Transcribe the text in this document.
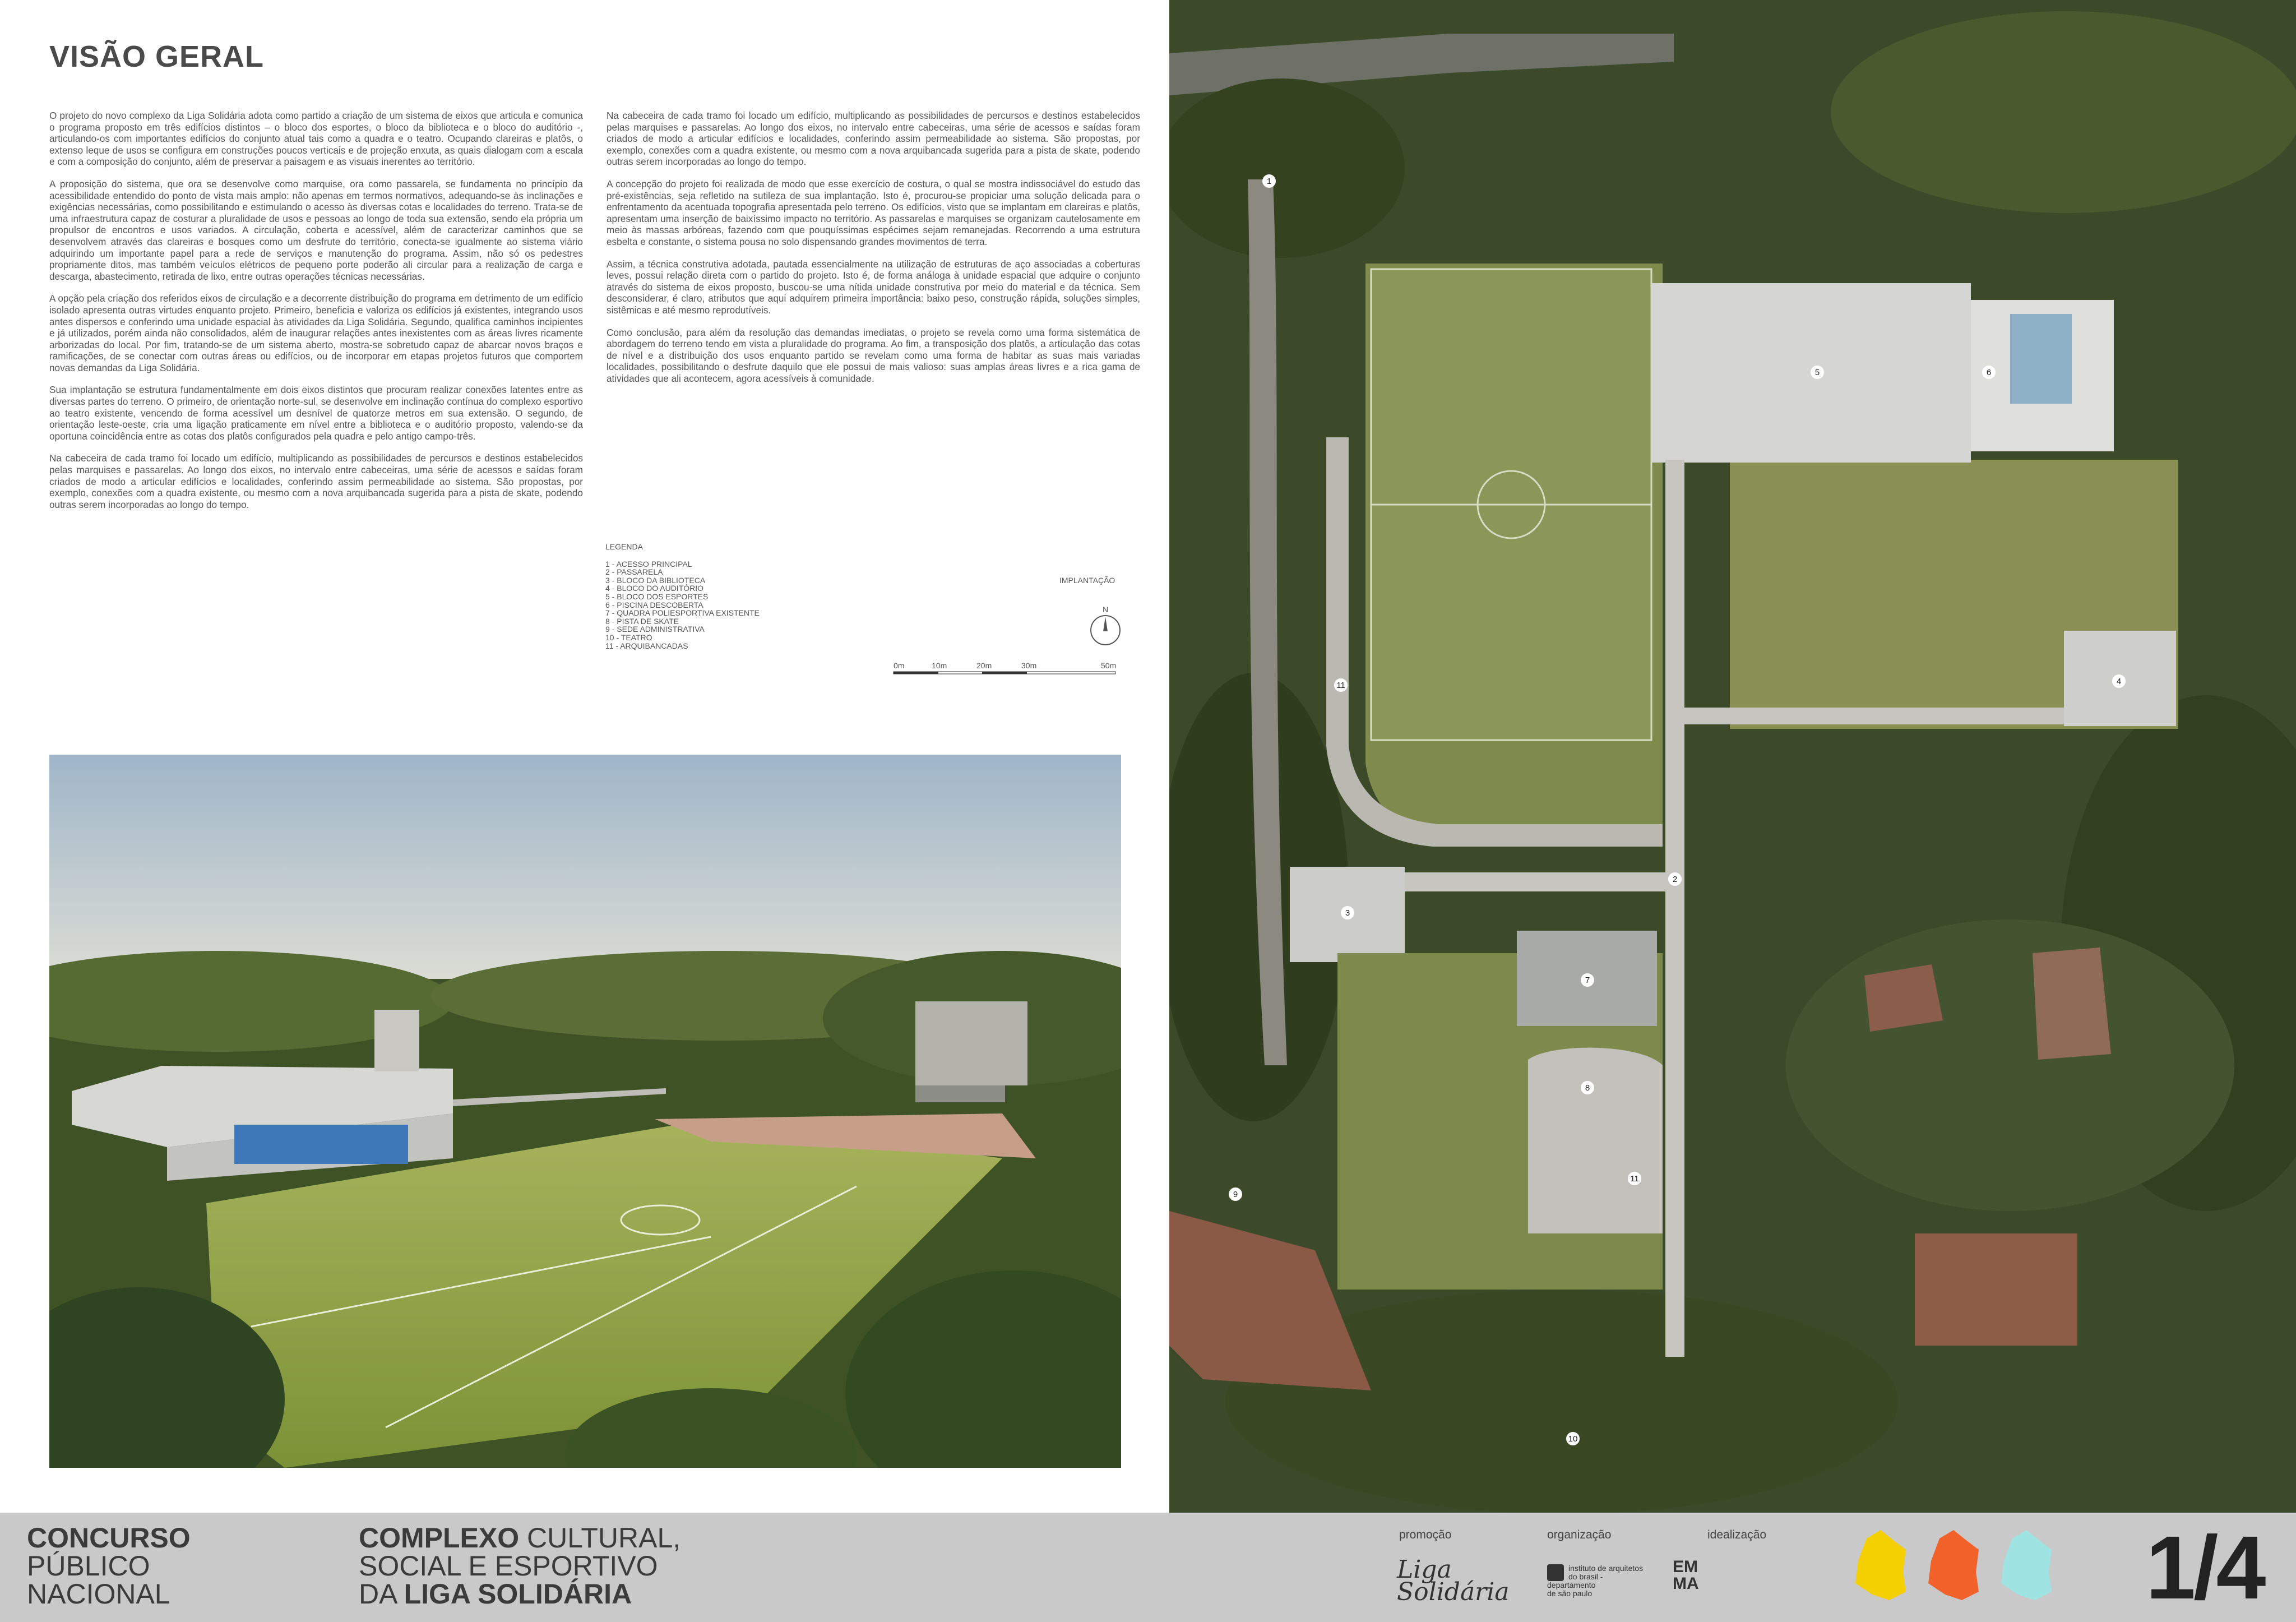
VISÃO GERAL

O projeto do novo complexo da Liga Solidária adota como partido a criação de um sistema de eixos que articula e comunica o programa proposto em três edifícios distintos – o bloco dos esportes, o bloco da biblioteca e o bloco do auditório -, articulando-os com importantes edifícios do conjunto atual tais como a quadra e o teatro. Ocupando clareiras e platôs, o extenso leque de usos se configura em construções poucos verticais e de projeção enxuta, as quais dialogam com a escala e com a composição do conjunto, além de preservar a paisagem e as visuais inerentes ao território.

A proposição do sistema, que ora se desenvolve como marquise, ora como passarela, se fundamenta no princípio da acessibilidade entendido do ponto de vista mais amplo: não apenas em termos normativos, adequando-se às inclinações e exigências necessárias, como possibilitando e estimulando o acesso às diversas cotas e localidades do terreno. Trata-se de uma infraestrutura capaz de costurar a pluralidade de usos e pessoas ao longo de toda sua extensão, sendo ela própria um propulsor de encontros e usos variados. A circulação, coberta e acessível, além de caracterizar caminhos que se desenvolvem através das clareiras e bosques como um desfrute do território, conecta-se igualmente ao sistema viário adquirindo um importante papel para a rede de serviços e manutenção do programa. Assim, não só os pedestres propriamente ditos, mas também veículos elétricos de pequeno porte poderão ali circular para a realização de carga e descarga, abastecimento, retirada de lixo, entre outras operações técnicas necessárias.

A opção pela criação dos referidos eixos de circulação e a decorrente distribuição do programa em detrimento de um edifício isolado apresenta outras virtudes enquanto projeto. Primeiro, beneficia e valoriza os edifícios já existentes, integrando usos antes dispersos e conferindo uma unidade espacial às atividades da Liga Solidária. Segundo, qualifica caminhos incipientes e já utilizados, porém ainda não consolidados, além de inaugurar relações antes inexistentes com as áreas livres ricamente arborizadas do local. Por fim, tratando-se de um sistema aberto, mostra-se sobretudo capaz de abarcar novos braços e ramificações, de se conectar com outras áreas ou edifícios, ou de incorporar em etapas projetos futuros que comportem novas demandas da Liga Solidária.

Sua implantação se estrutura fundamentalmente em dois eixos distintos que procuram realizar conexões latentes entre as diversas partes do terreno. O primeiro, de orientação norte-sul, se desenvolve em inclinação contínua do complexo esportivo ao teatro existente, vencendo de forma acessível um desnível de quatorze metros em sua extensão. O segundo, de orientação leste-oeste, cria uma ligação praticamente em nível entre a biblioteca e o auditório proposto, valendo-se da oportuna coincidência entre as cotas dos platôs configurados pela quadra e pelo antigo campo-três.

Na cabeceira de cada tramo foi locado um edifício, multiplicando as possibilidades de percursos e destinos estabelecidos pelas marquises e passarelas. Ao longo dos eixos, no intervalo entre cabeceiras, uma série de acessos e saídas foram criados de modo a articular edifícios e localidades, conferindo assim permeabilidade ao sistema. São propostas, por exemplo, conexões com a quadra existente, ou mesmo com a nova arquibancada sugerida para a pista de skate, podendo outras serem incorporadas ao longo do tempo.

Na cabeceira de cada tramo foi locado um edifício, multiplicando as possibilidades de percursos e destinos estabelecidos pelas marquises e passarelas. Ao longo dos eixos, no intervalo entre cabeceiras, uma série de acessos e saídas foram criados de modo a articular edifícios e localidades, conferindo assim permeabilidade ao sistema. São propostas, por exemplo, conexões com a quadra existente, ou mesmo com a nova arquibancada sugerida para a pista de skate, podendo outras serem incorporadas ao longo do tempo.

A concepção do projeto foi realizada de modo que esse exercício de costura, o qual se mostra indissociável do estudo das pré-existências, seja refletido na sutileza de sua implantação. Isto é, procurou-se propiciar uma solução delicada para o enfrentamento da acentuada topografia apresentada pelo terreno. Os edifícios, visto que se implantam em clareiras e platôs, apresentam uma inserção de baixíssimo impacto no território. As passarelas e marquises se organizam cautelosamente em meio às massas arbóreas, fazendo com que pouquíssimas espécimes sejam remanejadas. Recorrendo a uma estrutura esbelta e constante, o sistema pousa no solo dispensando grandes movimentos de terra.

Assim, a técnica construtiva adotada, pautada essencialmente na utilização de estruturas de aço associadas a coberturas leves, possui relação direta com o partido do projeto. Isto é, de forma análoga à unidade espacial que adquire o conjunto através do sistema de eixos proposto, buscou-se uma nítida unidade construtiva por meio do material e da técnica. Sem desconsiderar, é claro, atributos que aqui adquirem primeira importância: baixo peso, construção rápida, soluções simples, sistêmicas e até mesmo reprodutíveis.

Como conclusão, para além da resolução das demandas imediatas, o projeto se revela como uma forma sistemática de abordagem do terreno tendo em vista a pluralidade do programa. Ao fim, a transposição dos platôs, a articulação das cotas de nível e a distribuição dos usos enquanto partido se revelam como uma forma de habitar as suas mais variadas localidades, possibilitando o desfrute daquilo que ele possui de mais valioso: suas amplas áreas livres e a rica gama de atividades que ali acontecem, agora acessíveis à comunidade.

LEGENDA
1 - ACESSO PRINCIPAL
2 - PASSARELA
3 - BLOCO DA BIBLIOTECA
4 - BLOCO DO AUDITÓRIO
5 - BLOCO DOS ESPORTES
6 - PISCINA DESCOBERTA
7 - QUADRA POLIESPORTIVA EXISTENTE
8 - PISTA DE SKATE
9 - SEDE ADMINISTRATIVA
10 - TEATRO
11 - ARQUIBANCADAS
IMPLANTAÇÃO
N
0m	10m	20m	30m	50m
1
2
3
4
5	6
7
8
9
10
11
11
CONCURSO
PÚBLICO
NACIONAL
COMPLEXO CULTURAL,
SOCIAL E ESPORTIVO
DA LIGA SOLIDÁRIA
promoção	organização	idealização
Liga
Solidária
instituto de arquitetos
do brasil - departamento
de são paulo
EM
MA	1/4
